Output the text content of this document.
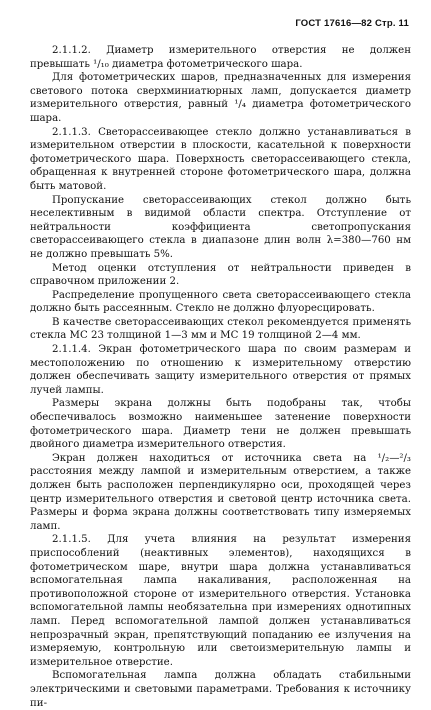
ГОСТ 17616—82 Стр. 11

2.1.1.2. Диаметр измерительного отверстия не должен превышать ¹/₁₀ диаметра фотометрического шара.

Для фотометрических шаров, предназначенных для измерения светового потока сверхминиатюрных ламп, допускается диаметр измерительного отверстия, равный ¹/₄ диаметра фотометрического шара.

2.1.1.3. Светорассеивающее стекло должно устанавливаться в измерительном отверстии в плоскости, касательной к поверхности фотометрического шара. Поверхность светорассеивающего стекла, обращенная к внутренней стороне фотометрического шара, должна быть матовой.

Пропускание светорассеивающих стекол должно быть неселективным в видимой области спектра. Отступление от нейтральности коэффициента светопропускания светорассеивающего стекла в диапазоне длин волн λ=380—760 нм не должно превышать 5%.

Метод оценки отступления от нейтральности приведен в справочном приложении 2.

Распределение пропущенного света светорассеивающего стекла должно быть рассеянным. Стекло не должно флуоресцировать.

В качестве светорассеивающих стекол рекомендуется применять стекла МС 23 толщиной 1—3 мм и МС 19 толщиной 2—4 мм.

2.1.1.4. Экран фотометрического шара по своим размерам и местоположению по отношению к измерительному отверстию должен обеспечивать защиту измерительного отверстия от прямых лучей лампы.

Размеры экрана должны быть подобраны так, чтобы обеспечивалось возможно наименьшее затенение поверхности фотометрического шара. Диаметр тени не должен превышать двойного диаметра измерительного отверстия.

Экран должен находиться от источника света на ¹/₂—²/₃ расстояния между лампой и измерительным отверстием, а также должен быть расположен перпендикулярно оси, проходящей через центр измерительного отверстия и световой центр источника света. Размеры и форма экрана должны соответствовать типу измеряемых ламп.

2.1.1.5. Для учета влияния на результат измерения приспособлений (неактивных элементов), находящихся в фотометрическом шаре, внутри шара должна устанавливаться вспомогательная лампа накаливания, расположенная на противоположной стороне от измерительного отверстия. Установка вспомогательной лампы необязательна при измерениях однотипных ламп. Перед вспомогательной лампой должен устанавливаться непрозрачный экран, препятствующий попаданию ее излучения на измеряемую, контрольную или светоизмерительную лампы и измерительное отверстие.

Вспомогательная лампа должна обладать стабильными электрическими и световыми параметрами. Требования к источнику пи-
